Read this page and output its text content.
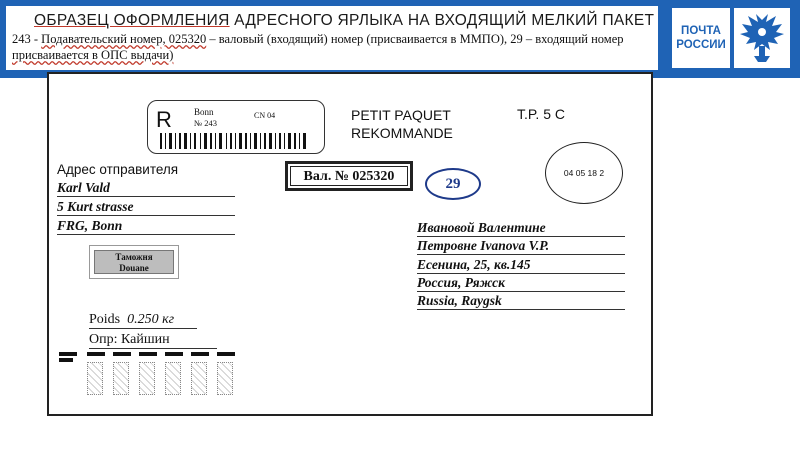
ОБРАЗЕЦ ОФОРМЛЕНИЯ АДРЕСНОГО ЯРЛЫКА НА ВХОДЯЩИЙ МЕЛКИЙ ПАКЕТ
243 - Подавательский номер, 025320 – валовый (входящий) номер (присваивается в ММПО), 29 – входящий номер
присваивается в ОПС выдачи)
ПОЧТА
РОССИИ
R Bonn
№ 243
CN 04	PETIT PAQUET
REKOMMANDE
T.P. 5 C
04 05 18 2
Вал. № 025320	29
Адрес отправителя
Karl Vald
5 Kurt strasse
FRG, Bonn
Таможня
Douane
Ивановой Валентине
Петровне Ivanova V.P.
Есенина, 25, кв.145
Россия, Ряжск
Russia, Raygsk
Poids 0.250 кг
Опр: Кайшин
